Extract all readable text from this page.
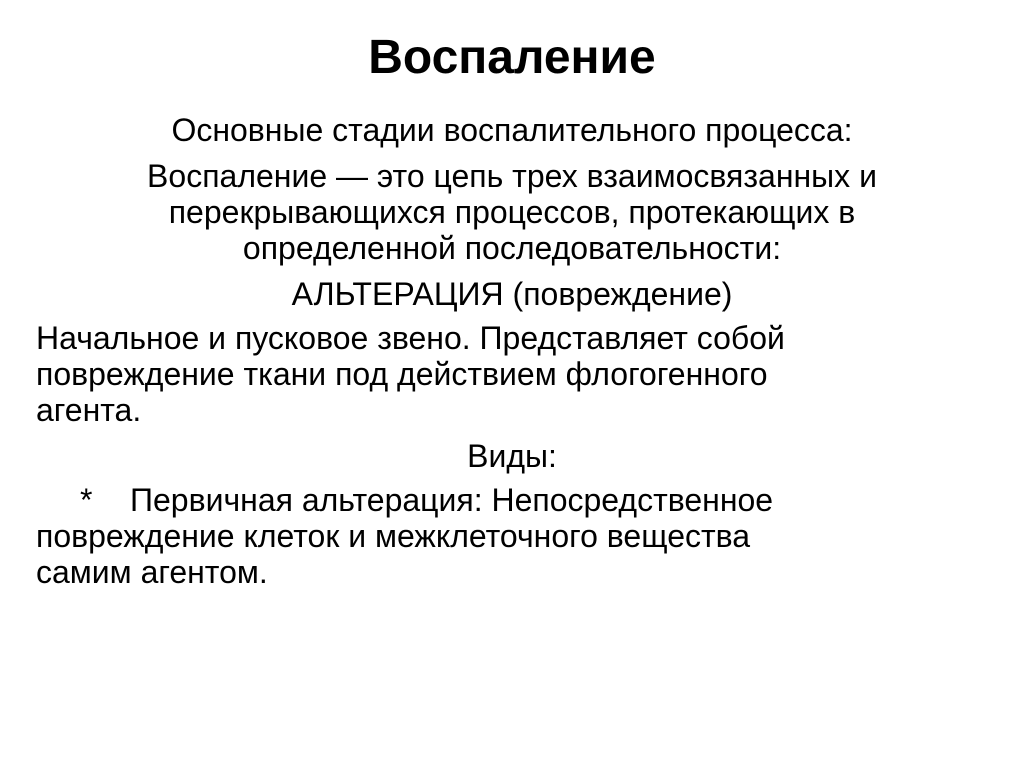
Воспаление

Основные стадии воспалительного процесса:

Воспаление — это цепь трех взаимосвязанных и

перекрывающихся процессов, протекающих в

определенной последовательности:

АЛЬТЕРАЦИЯ (повреждение)

Начальное и пусковое звено. Представляет собой

повреждение ткани под действием флогогенного

агента.

Виды:

* Первичная альтерация: Непосредственное

повреждение клеток и межклеточного вещества

самим агентом.
